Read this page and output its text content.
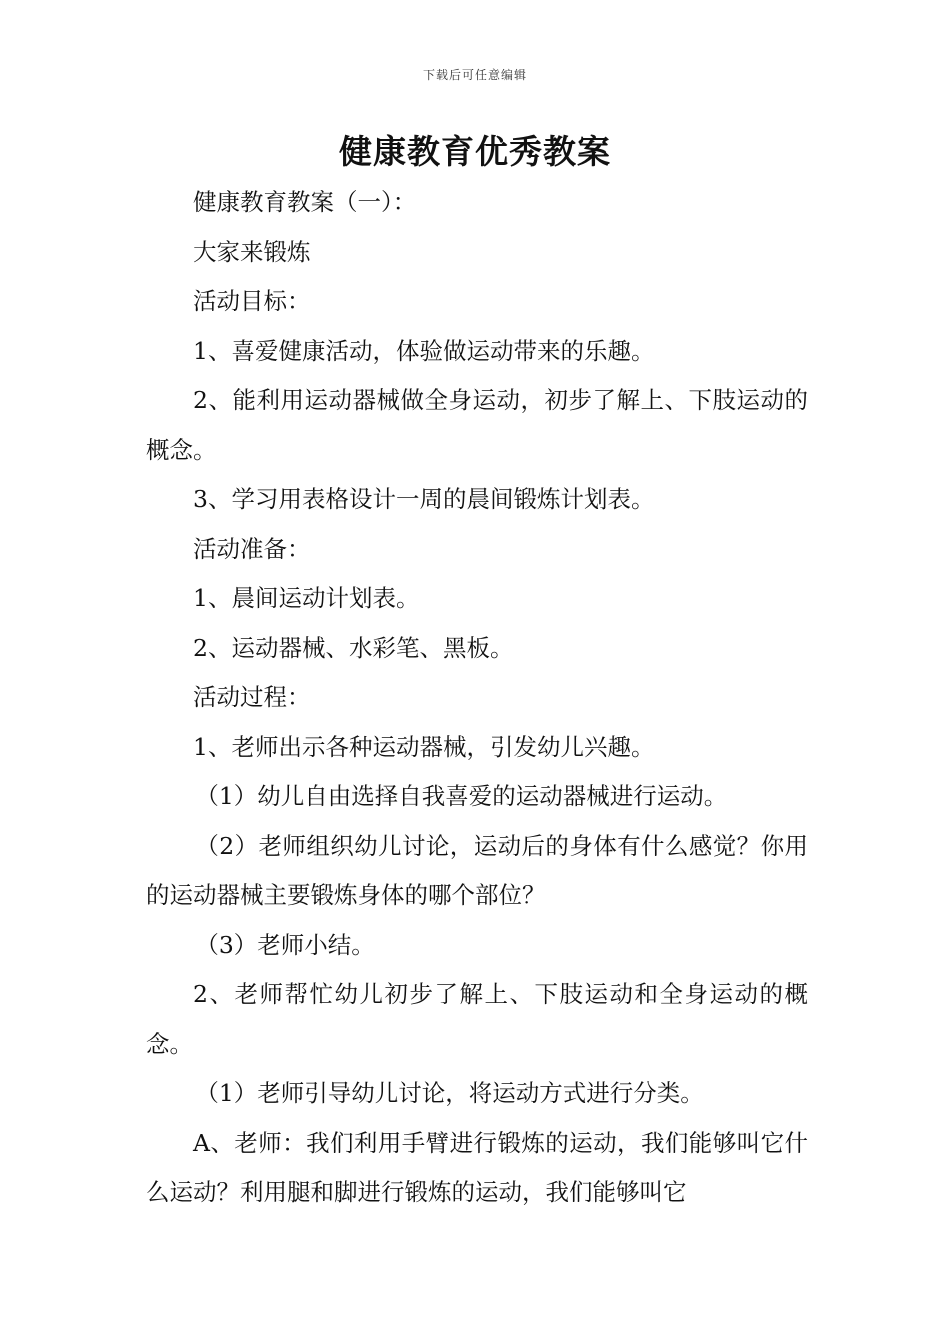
下载后可任意编辑
健康教育优秀教案

健康教育教案（一）：

大家来锻炼

活动目标：

1、喜爱健康活动，体验做运动带来的乐趣。

2、能利用运动器械做全身运动，初步了解上、下肢运动的概念。

3、学习用表格设计一周的晨间锻炼计划表。

活动准备：

1、晨间运动计划表。

2、运动器械、水彩笔、黑板。

活动过程：

1、老师出示各种运动器械，引发幼儿兴趣。

（1）幼儿自由选择自我喜爱的运动器械进行运动。

（2）老师组织幼儿讨论，运动后的身体有什么感觉？你用的运动器械主要锻炼身体的哪个部位？

（3）老师小结。

2、老师帮忙幼儿初步了解上、下肢运动和全身运动的概念。

（1）老师引导幼儿讨论，将运动方式进行分类。

A、老师：我们利用手臂进行锻炼的运动，我们能够叫它什么运动？利用腿和脚进行锻炼的运动，我们能够叫它
